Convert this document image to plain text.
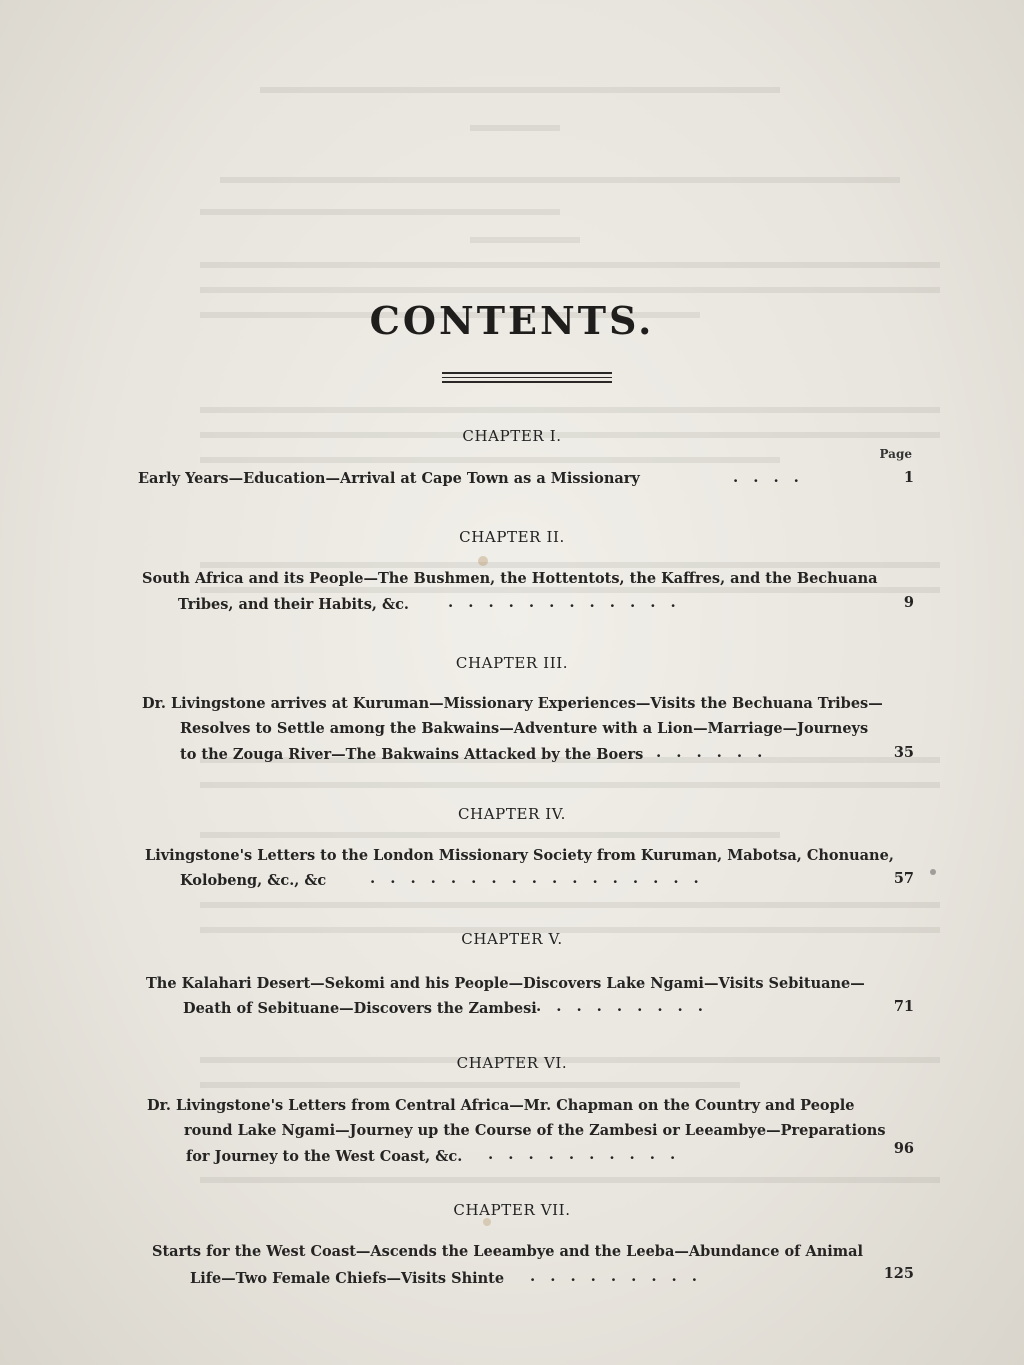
CONTENTS.
Page
CHAPTER I.
Early Years—Education—Arrival at Cape Town as a Missionary	....	1
CHAPTER II.
South Africa and its People—The Bushmen, the Hottentots, the Kaffres, and the Bechuana
Tribes, and their Habits, &c.	............	9
CHAPTER III.
Dr. Livingstone arrives at Kuruman—Missionary Experiences—Visits the Bechuana Tribes—
Resolves to Settle among the Bakwains—Adventure with a Lion—Marriage—Journeys
to the Zouga River—The Bakwains Attacked by the Boers ......	35
CHAPTER IV.
Livingstone's Letters to the London Missionary Society from Kuruman, Mabotsa, Chonuane,
Kolobeng, &c., &c	.................	57
CHAPTER V.
The Kalahari Desert—Sekomi and his People—Discovers Lake Ngami—Visits Sebituane—
Death of Sebituane—Discovers the Zambesi .........	71
CHAPTER VI.
Dr. Livingstone's Letters from Central Africa—Mr. Chapman on the Country and People
round Lake Ngami—Journey up the Course of the Zambesi or Leeambye—Preparations
for Journey to the West Coast, &c. ..........	96
CHAPTER VII.
Starts for the West Coast—Ascends the Leeambye and the Leeba—Abundance of Animal
Life—Two Female Chiefs—Visits Shinte .........	125
